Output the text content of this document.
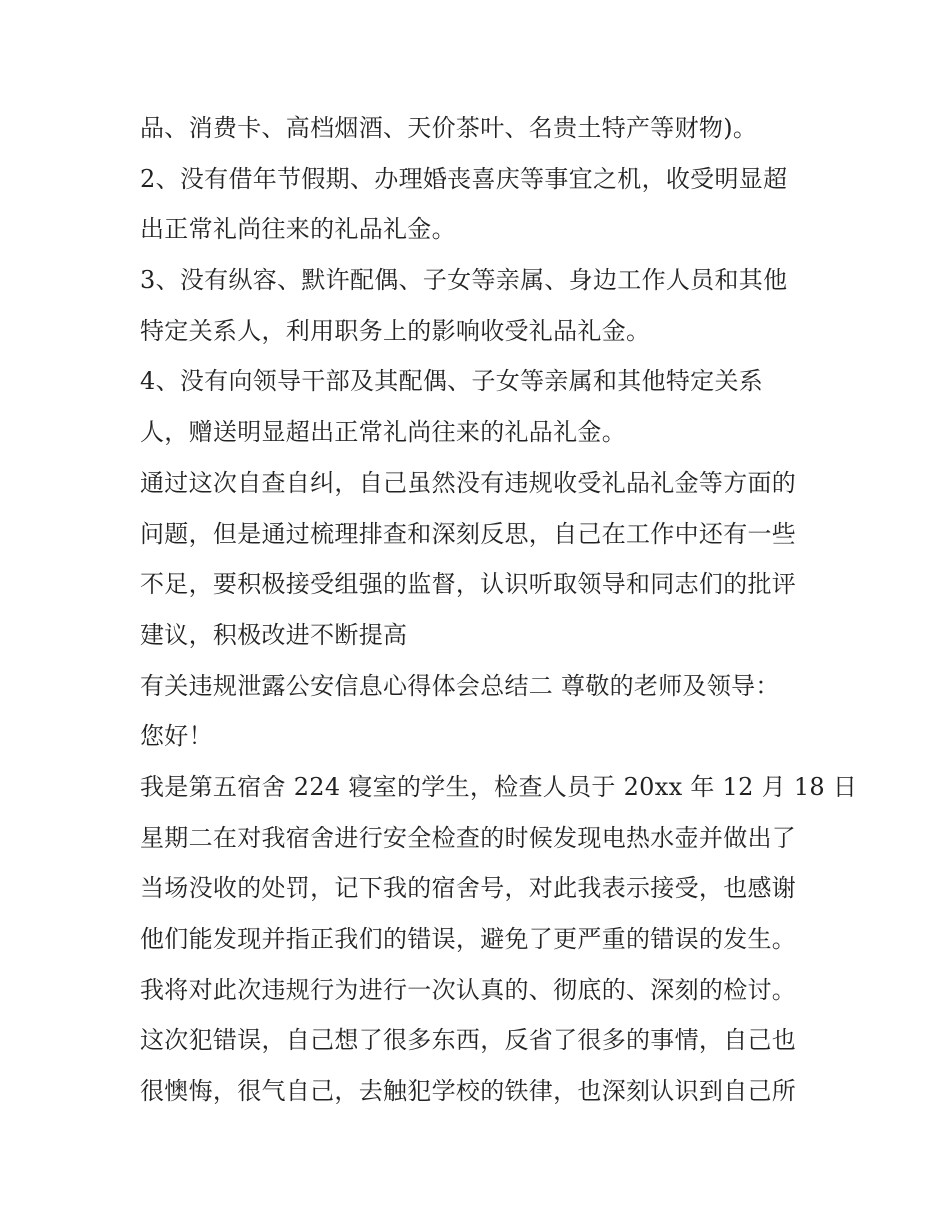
品、消费卡、高档烟酒、天价茶叶、名贵土特产等财物)。
2、没有借年节假期、办理婚丧喜庆等事宜之机，收受明显超
出正常礼尚往来的礼品礼金。
3、没有纵容、默许配偶、子女等亲属、身边工作人员和其他
特定关系人，利用职务上的影响收受礼品礼金。
4、没有向领导干部及其配偶、子女等亲属和其他特定关系
人，赠送明显超出正常礼尚往来的礼品礼金。
通过这次自查自纠，自己虽然没有违规收受礼品礼金等方面的
问题，但是通过梳理排查和深刻反思，自己在工作中还有一些
不足，要积极接受组强的监督，认识听取领导和同志们的批评
建议，积极改进不断提高
有关违规泄露公安信息心得体会总结二 尊敬的老师及领导：
您好！
我是第五宿舍 224 寝室的学生，检查人员于 20xx 年 12 月 18 日
星期二在对我宿舍进行安全检查的时候发现电热水壶并做出了
当场没收的处罚，记下我的宿舍号，对此我表示接受，也感谢
他们能发现并指正我们的错误，避免了更严重的错误的发生。
我将对此次违规行为进行一次认真的、彻底的、深刻的检讨。
这次犯错误，自己想了很多东西，反省了很多的事情，自己也
很懊悔，很气自己，去触犯学校的铁律，也深刻认识到自己所
